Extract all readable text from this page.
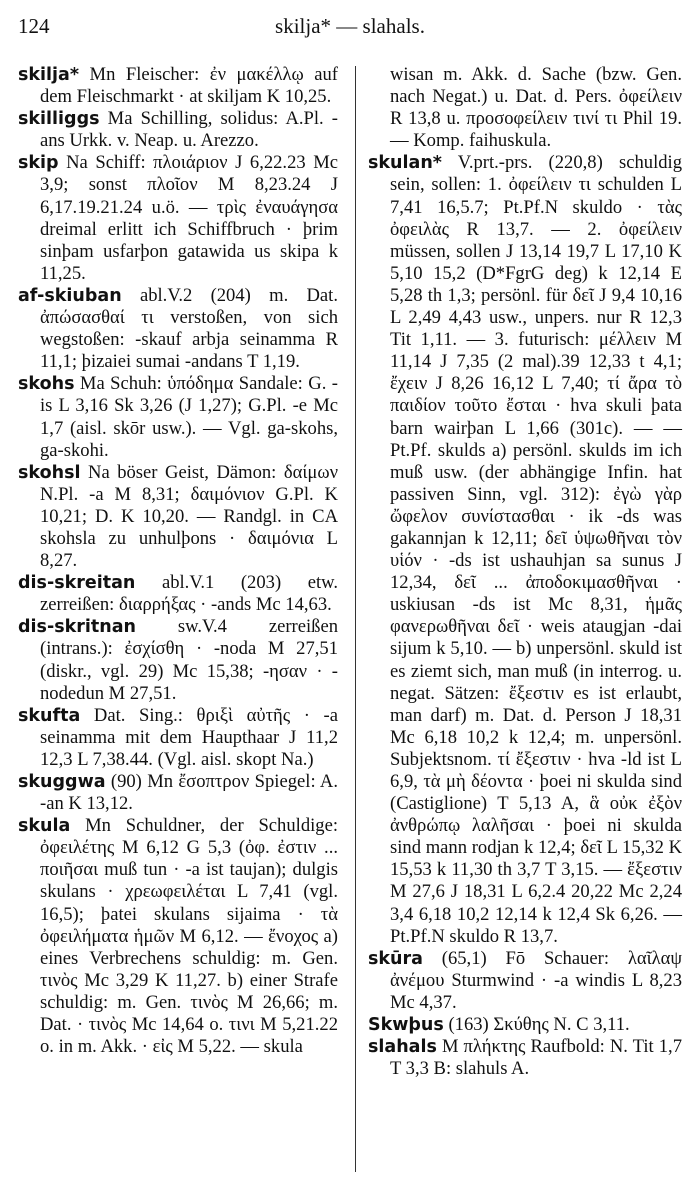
124	skilja* — slahals.

skilja* Mn Fleischer: ἐν μακέλλῳ auf dem Fleischmarkt · at skiljam K 10,25.

skilliggs Ma Schilling, solidus: A.Pl. -ans Urkk. v. Neap. u. Arezzo.

skip Na Schiff: πλοιάριον J 6,22.23 Mc 3,9; sonst πλοῖον M 8,23.24 J 6,17.19.21.24 u.ö. — τρὶς ἐναυάγησα dreimal erlitt ich Schiffbruch · þrim sinþam usfarþon gatawida us skipa k 11,25.

af-skiuban abl.V.2 (204) m. Dat. ἀπώσασθαί τι verstoßen, von sich wegstoßen: -skauf arbja seinamma R 11,1; þizaiei sumai -andans T 1,19.

skohs Ma Schuh: ὑπόδημα Sandale: G. -is L 3,16 Sk 3,26 (J 1,27); G.Pl. -e Mc 1,7 (aisl. skōr usw.). — Vgl. ga-skohs, ga-skohi.

skohsl Na böser Geist, Dämon: δαίμων N.Pl. -a M 8,31; δαιμόνιον G.Pl. K 10,21; D. K 10,20. — Randgl. in CA skohsla zu unhulþons · δαιμόνια L 8,27.

dis-skreitan abl.V.1 (203) etw. zerreißen: διαρρήξας · -ands Mc 14,63.

dis-skritnan sw.V.4 zerreißen (intrans.): ἐσχίσθη · -noda M 27,51 (diskr., vgl. 29) Mc 15,38; -ησαν · -nodedun M 27,51.

skufta Dat. Sing.: θριξὶ αὐτῆς · -a seinamma mit dem Haupthaar J 11,2 12,3 L 7,38.44. (Vgl. aisl. skopt Na.)

skuggwa (90) Mn ἔσοπτρον Spiegel: A. -an K 13,12.

skula Mn Schuldner, der Schuldige: ὀφειλέτης M 6,12 G 5,3 (ὀφ. ἐστιν ... ποιῆσαι muß tun · -a ist taujan); dulgis skulans · χρεωφειλέται L 7,41 (vgl. 16,5); þatei skulans sijaima · τὰ ὀφειλήματα ἡμῶν M 6,12. — ἔνοχος a) eines Verbrechens schuldig: m. Gen. τινὸς Mc 3,29 K 11,27. b) einer Strafe schuldig: m. Gen. τινὸς M 26,66; m. Dat. · τινὸς Mc 14,64 o. τινι M 5,21.22 o. in m. Akk. · εἰς M 5,22. — skula

wisan m. Akk. d. Sache (bzw. Gen. nach Negat.) u. Dat. d. Pers. ὀφείλειν R 13,8 u. προσοφείλειν τινί τι Phil 19. — Komp. faihuskula.

skulan* V.prt.-prs. (220,8) schuldig sein, sollen: 1. ὀφείλειν τι schulden L 7,41 16,5.7; Pt.Pf.N skuldo · τὰς ὀφειλὰς R 13,7. — 2. ὀφείλειν müssen, sollen J 13,14 19,7 L 17,10 K 5,10 15,2 (D*FgrG deg) k 12,14 E 5,28 th 1,3; persönl. für δεῖ J 9,4 10,16 L 2,49 4,43 usw., unpers. nur R 12,3 Tit 1,11. — 3. futurisch: μέλλειν M 11,14 J 7,35 (2 mal).39 12,33 t 4,1; ἔχειν J 8,26 16,12 L 7,40; τί ἄρα τὸ παιδίον τοῦτο ἔσται · hva skuli þata barn wairþan L 1,66 (301c). — — Pt.Pf. skulds a) persönl. skulds im ich muß usw. (der abhängige Infin. hat passiven Sinn, vgl. 312): ἐγὼ γὰρ ὤφελον συνίστασθαι · ik -ds was gakannjan k 12,11; δεῖ ὑψωθῆναι τὸν υἱόν · -ds ist ushauhjan sa sunus J 12,34, δεῖ ... ἀποδοκιμασθῆναι · uskiusan -ds ist Mc 8,31, ἡμᾶς φανερωθῆναι δεῖ · weis ataugjan -dai sijum k 5,10. — b) unpersönl. skuld ist es ziemt sich, man muß (in interrog. u. negat. Sätzen: ἔξεστιν es ist erlaubt, man darf) m. Dat. d. Person J 18,31 Mc 6,18 10,2 k 12,4; m. unpersönl. Subjektsnom. τί ἔξεστιν · hva -ld ist L 6,9, τὰ μὴ δέοντα · þoei ni skulda sind (Castiglione) T 5,13 A, ἃ οὐκ ἐξὸν ἀνθρώπῳ λαλῆσαι · þoei ni skulda sind mann rodjan k 12,4; δεῖ L 15,32 K 15,53 k 11,30 th 3,7 T 3,15. — ἔξεστιν M 27,6 J 18,31 L 6,2.4 20,22 Mc 2,24 3,4 6,18 10,2 12,14 k 12,4 Sk 6,26. — Pt.Pf.N skuldo R 13,7.

skūra (65,1) Fō Schauer: λαῖλαψ ἀνέμου Sturmwind · -a windis L 8,23 Mc 4,37.

Skwþus (163) Σκύθης N. C 3,11.

slahals M πλήκτης Raufbold: N. Tit 1,7 T 3,3 B: slahuls A.
